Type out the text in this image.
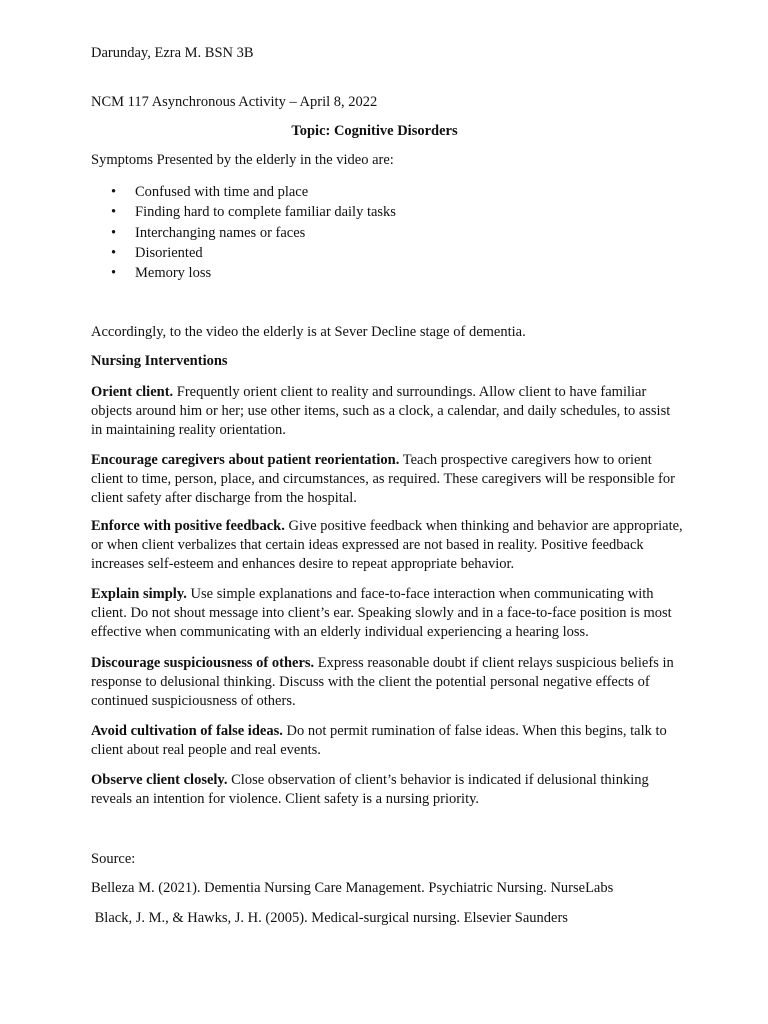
Darunday, Ezra M. BSN 3B
NCM 117 Asynchronous Activity – April 8, 2022
Topic: Cognitive Disorders
Symptoms Presented by the elderly in the video are:
• Confused with time and place
• Finding hard to complete familiar daily tasks
• Interchanging names or faces
• Disoriented
• Memory loss
Accordingly, to the video the elderly is at Sever Decline stage of dementia.
Nursing Interventions
Orient client. Frequently orient client to reality and surroundings. Allow client to have familiar objects around him or her; use other items, such as a clock, a calendar, and daily schedules, to assist in maintaining reality orientation.
Encourage caregivers about patient reorientation. Teach prospective caregivers how to orient client to time, person, place, and circumstances, as required. These caregivers will be responsible for client safety after discharge from the hospital.
Enforce with positive feedback. Give positive feedback when thinking and behavior are appropriate, or when client verbalizes that certain ideas expressed are not based in reality. Positive feedback increases self-esteem and enhances desire to repeat appropriate behavior.
Explain simply. Use simple explanations and face-to-face interaction when communicating with client. Do not shout message into client’s ear. Speaking slowly and in a face-to-face position is most effective when communicating with an elderly individual experiencing a hearing loss.
Discourage suspiciousness of others. Express reasonable doubt if client relays suspicious beliefs in response to delusional thinking. Discuss with the client the potential personal negative effects of continued suspiciousness of others.
Avoid cultivation of false ideas. Do not permit rumination of false ideas. When this begins, talk to client about real people and real events.
Observe client closely. Close observation of client’s behavior is indicated if delusional thinking reveals an intention for violence. Client safety is a nursing priority.
Source:
Belleza M. (2021). Dementia Nursing Care Management. Psychiatric Nursing. NurseLabs
Black, J. M., & Hawks, J. H. (2005). Medical-surgical nursing. Elsevier Saunders
